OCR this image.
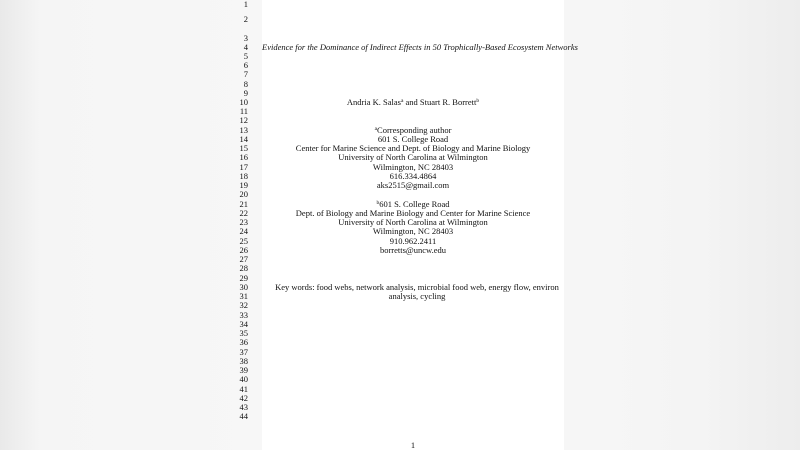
1
2
3
4
5
6
7
8
9
10
11
12
13
14
15
16
17
18
19
20
21
22
23
24
25
26
27
28
29
30
31
32
33
34
35
36
37
38
39
40
41
42
43
44
Evidence for the Dominance of Indirect Effects in 50 Trophically-Based Ecosystem Networks
Andria K. Salas$^a$ and Stuart R. Borrett$^b$
$^a$Corresponding author
601 S. College Road
Center for Marine Science and Dept. of Biology and Marine Biology
University of North Carolina at Wilmington
Wilmington, NC 28403
616.334.4864
aks2515@gmail.com
$^b$601 S. College Road
Dept. of Biology and Marine Biology and Center for Marine Science
University of North Carolina at Wilmington
Wilmington, NC 28403
910.962.2411
borretts@uncw.edu
Key words: food webs, network analysis, microbial food web, energy flow, environ analysis, cycling
1
